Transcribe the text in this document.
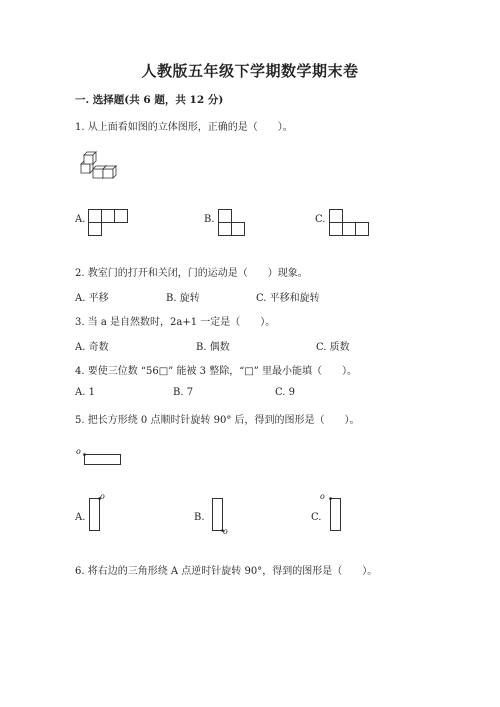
人教版五年级下学期数学期末卷
一. 选择题(共 6 题，共 12 分)
1. 从上面看如图的立体图形，正确的是（　　）。
A.	B.	C.
2. 教室门的打开和关闭，门的运动是（　　）现象。
A. 平移	B. 旋转	C. 平移和旋转
3. 当 a 是自然数时，2a+1 一定是（　　）。
A. 奇数	B. 偶数	C. 质数
4. 要使三位数 “56□” 能被 3 整除，“□” 里最小能填（　　）。
A. 1	B. 7	C. 9
5. 把长方形绕 0 点顺时针旋转 90° 后，得到的图形是（　　）。
o
A.
o
B.
o
C.
o
6. 将右边的三角形绕 A 点逆时针旋转 90°，得到的图形是（　　）。
